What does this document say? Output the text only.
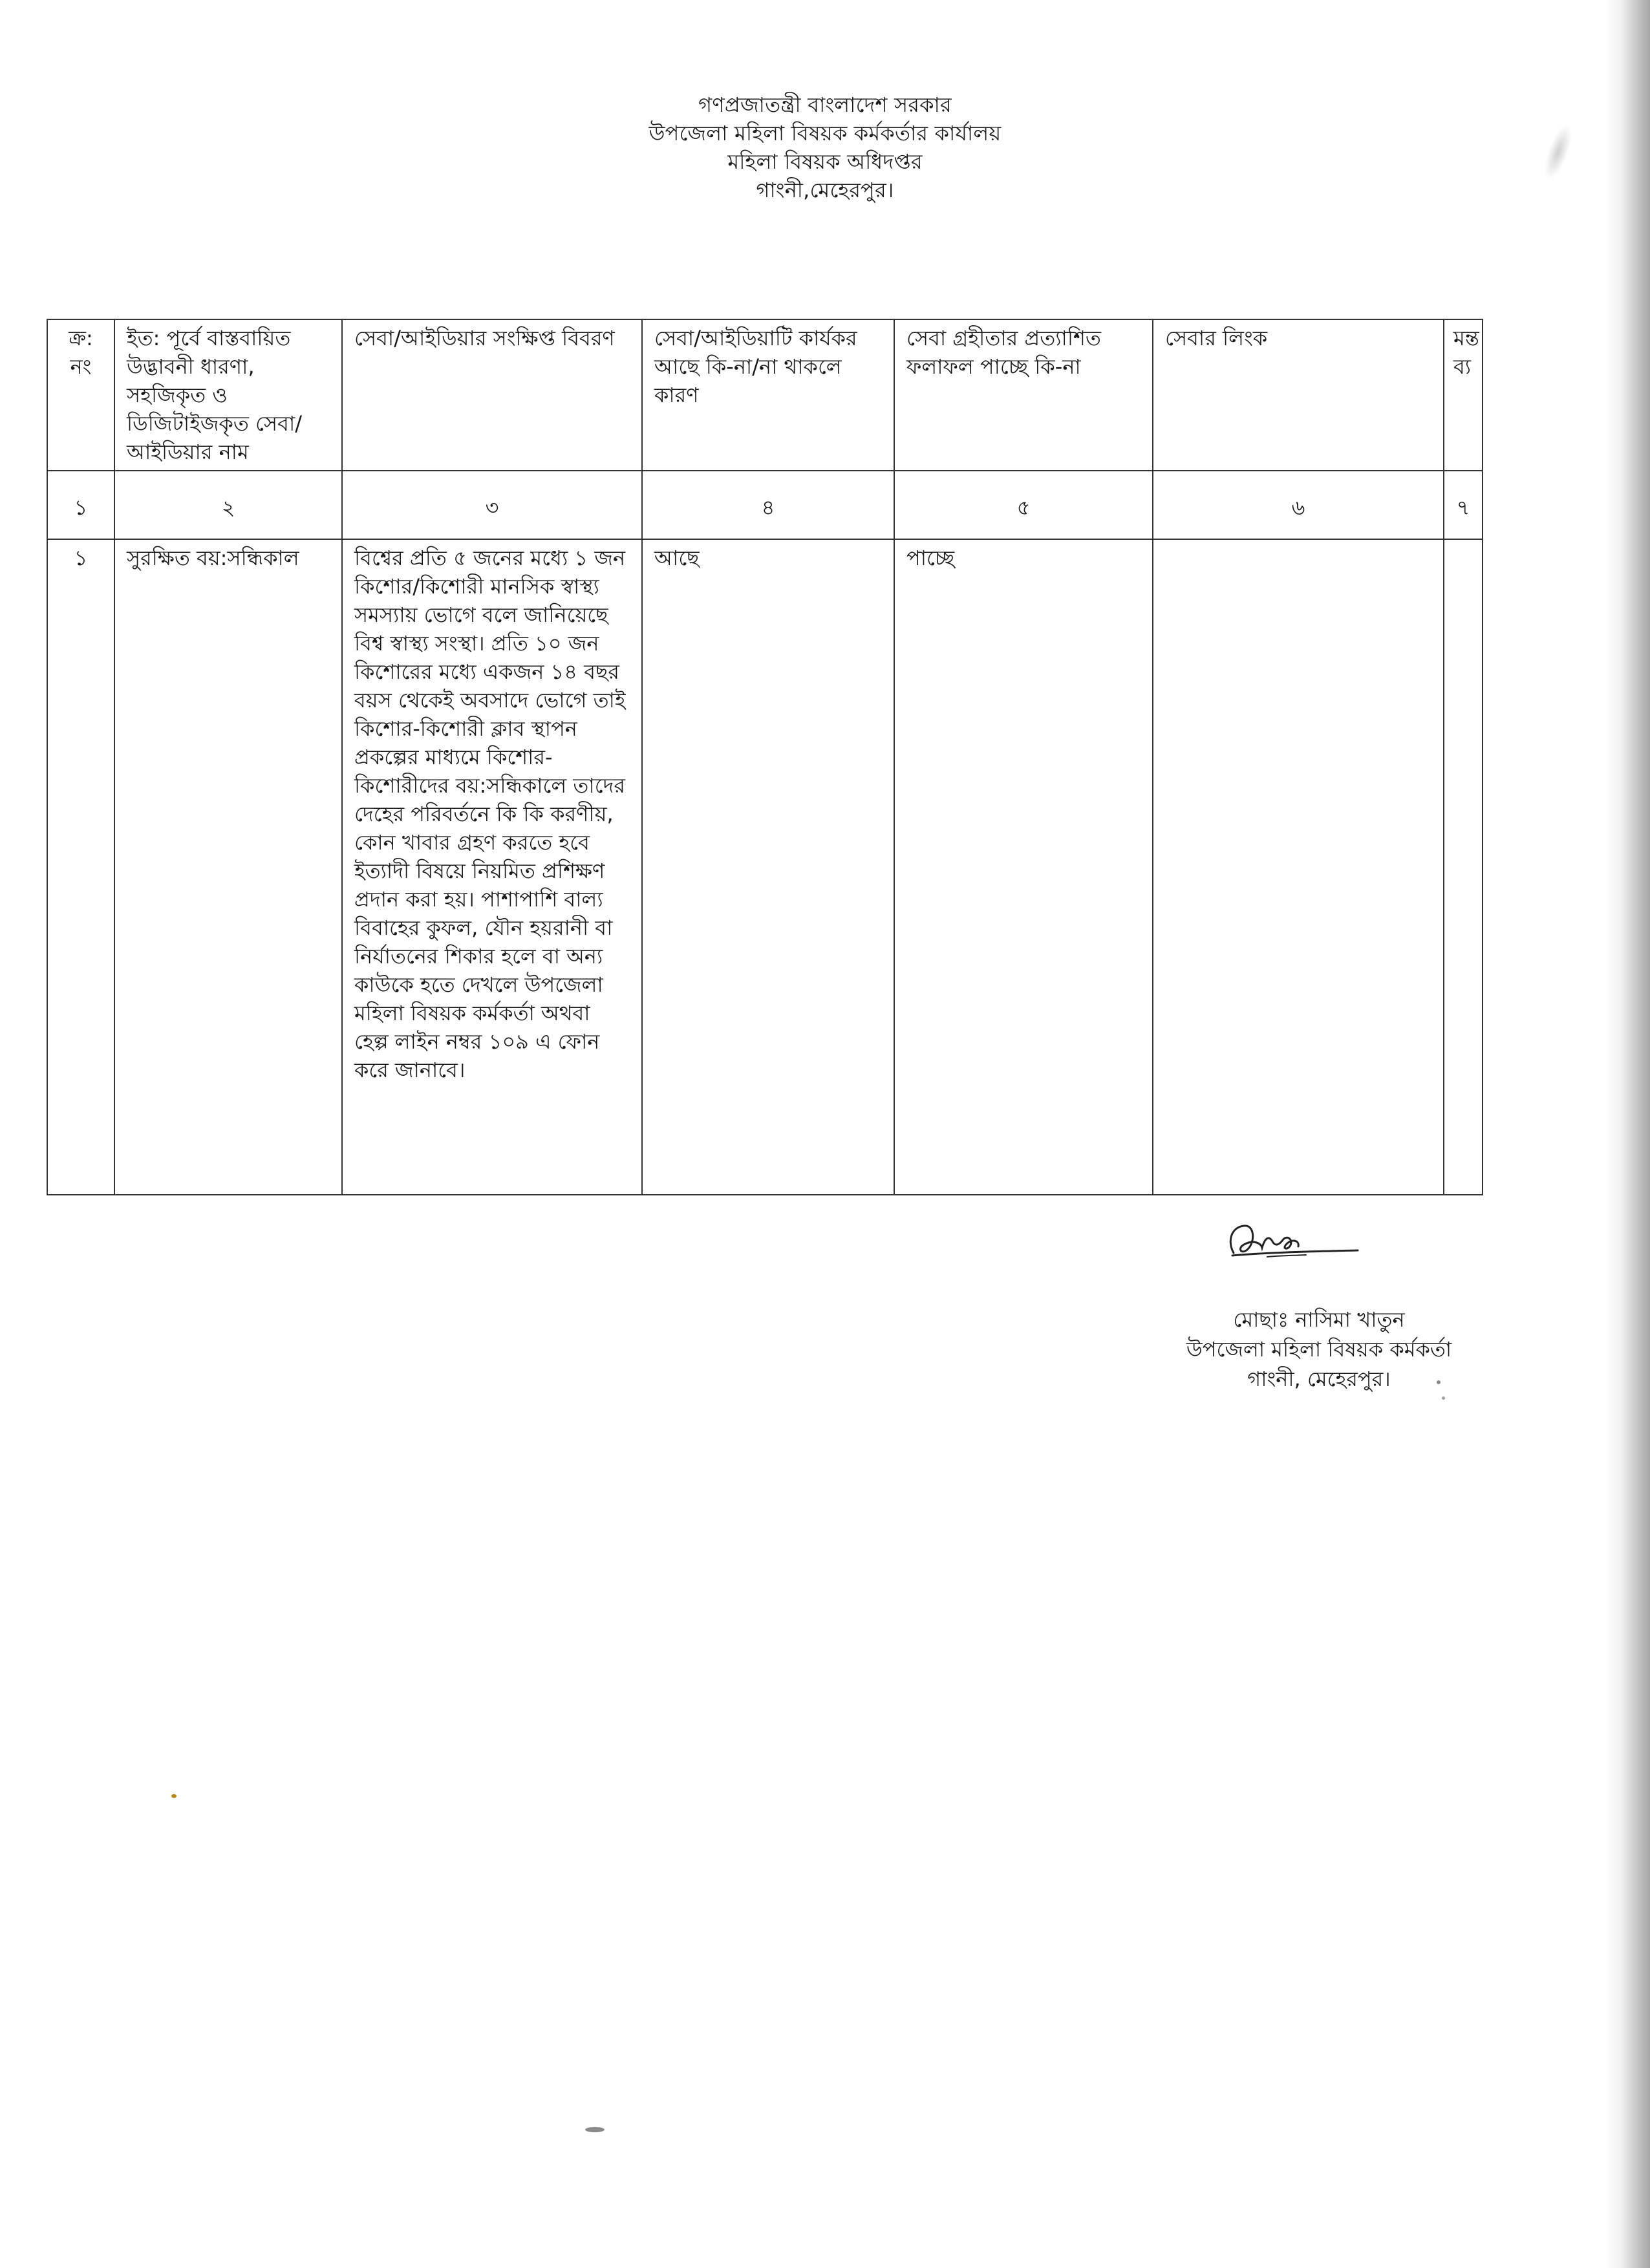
গণপ্রজাতন্ত্রী বাংলাদেশ সরকার
উপজেলা মহিলা বিষয়ক কর্মকর্তার কার্যালয়
মহিলা বিষয়ক অধিদপ্তর
গাংনী,মেহেরপুর।
ক্র: নং	ইত: পূর্বে বাস্তবায়িত উদ্ভাবনী ধারণা, সহজিকৃত ও ডিজিটাইজকৃত সেবা/আইডিয়ার নাম	সেবা/আইডিয়ার সংক্ষিপ্ত বিবরণ	সেবা/আইডিয়াটি কার্যকর আছে কি-না/না থাকলে কারণ	সেবা গ্রহীতার প্রত্যাশিত ফলাফল পাচ্ছে কি-না	সেবার লিংক	মন্তব্য
১	২	৩	৪	৫	৬	৭
১	সুরক্ষিত বয়:সন্ধিকাল	বিশ্বের প্রতি ৫ জনের মধ্যে ১ জন কিশোর/কিশোরী মানসিক স্বাস্থ্য সমস্যায় ভোগে বলে জানিয়েছে বিশ্ব স্বাস্থ্য সংস্থা। প্রতি ১০ জন কিশোরের মধ্যে একজন ১৪ বছর বয়স থেকেই অবসাদে ভোগে তাই কিশোর-কিশোরী ক্লাব স্থাপন প্রকল্পের মাধ্যমে কিশোর-কিশোরীদের বয়:সন্ধিকালে তাদের দেহের পরিবর্তনে কি কি করণীয়, কোন খাবার গ্রহণ করতে হবে ইত্যাদী বিষয়ে নিয়মিত প্রশিক্ষণ প্রদান করা হয়। পাশাপাশি বাল্য বিবাহের কুফল, যৌন হয়রানী বা নির্যাতনের শিকার হলে বা অন্য কাউকে হতে দেখলে উপজেলা মহিলা বিষয়ক কর্মকর্তা অথবা হেল্প লাইন নম্বর ১০৯ এ ফোন করে জানাবে।	আছে	পাচ্ছে		
মোছাঃ নাসিমা খাতুন
উপজেলা মহিলা বিষয়ক কর্মকর্তা
গাংনী, মেহেরপুর।
